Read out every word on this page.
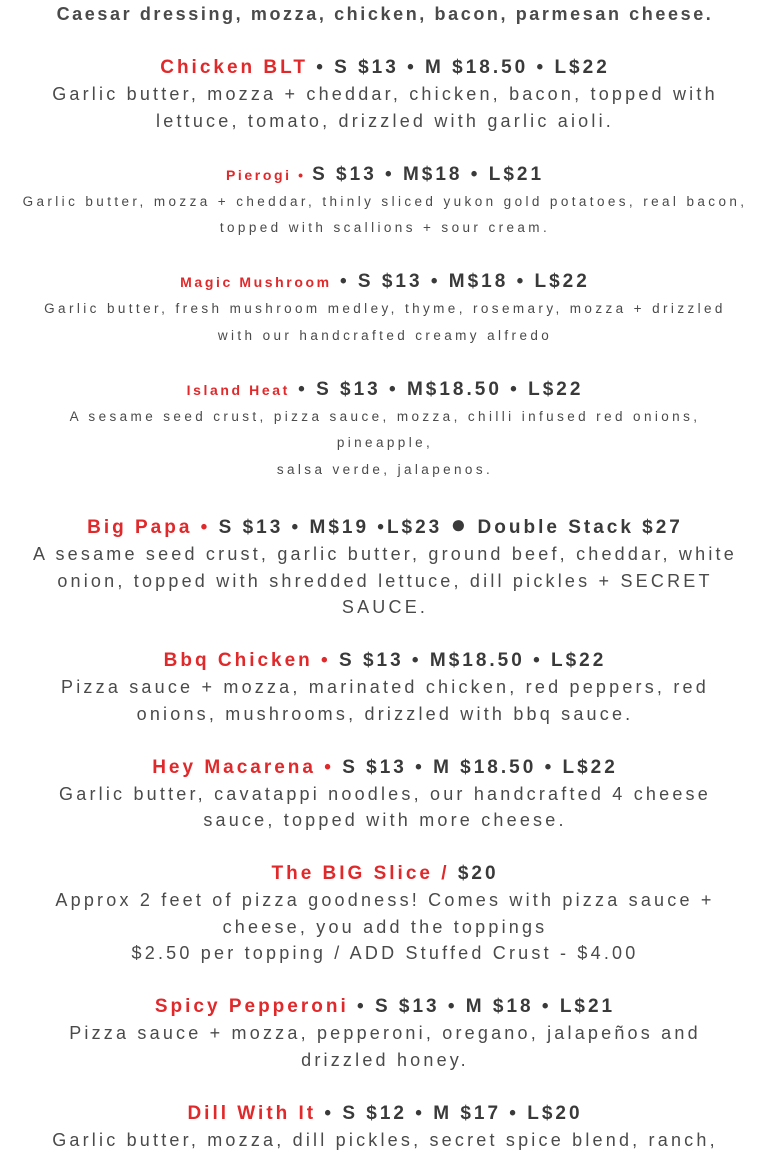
Caesar dressing, mozza, chicken, bacon, parmesan cheese.
Chicken BLT • S $13 • M $18.50 • L$22
Garlic butter, mozza + cheddar, chicken, bacon, topped with
lettuce, tomato, drizzled with garlic aioli.
Pierogi • S $13 • M$18 • L$21
Garlic butter, mozza + cheddar, thinly sliced yukon gold potatoes, real bacon,
topped with scallions + sour cream.
Magic Mushroom • S $13 • M$18 • L$22
Garlic butter, fresh mushroom medley, thyme, rosemary, mozza + drizzled
with our handcrafted creamy alfredo
Island Heat • S $13 • M$18.50 • L$22
A sesame seed crust, pizza sauce, mozza, chilli infused red onions, pineapple,
salsa verde, jalapenos.
Big Papa • S $13 • M$19 •L$23 ● Double Stack $27
A sesame seed crust, garlic butter, ground beef, cheddar, white
onion, topped with shredded lettuce, dill pickles + SECRET
SAUCE.
Bbq Chicken • S $13 • M$18.50 • L$22
Pizza sauce + mozza, marinated chicken, red peppers, red
onions, mushrooms, drizzled with bbq sauce.
Hey Macarena • S $13 • M $18.50 • L$22
Garlic butter, cavatappi noodles, our handcrafted 4 cheese
sauce, topped with more cheese.
The BIG Slice / $20
Approx 2 feet of pizza goodness! Comes with pizza sauce +
cheese, you add the toppings
$2.50 per topping / ADD Stuffed Crust - $4.00
Spicy Pepperoni • S $13 • M $18 • L$21
Pizza sauce + mozza, pepperoni, oregano, jalapeños and
drizzled honey.
Dill With It • S $12 • M $17 • L$20
Garlic butter, mozza, dill pickles, secret spice blend, ranch,
